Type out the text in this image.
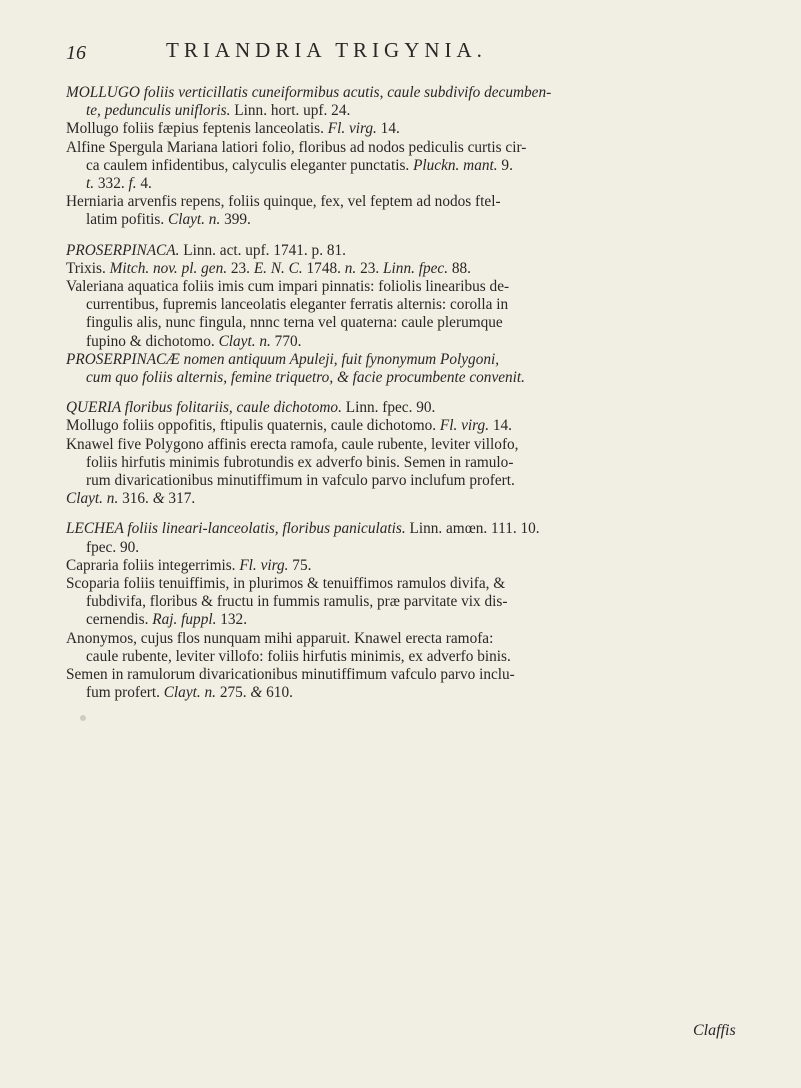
16	TRIANDRIA TRIGYNIA.
MOLLUGO foliis verticillatis cuneiformibus acutis, caule subdivifo decumben-
te, pedunculis unifloris. Linn. hort. upf. 24.
Mollugo foliis fæpius feptenis lanceolatis. Fl. virg. 14.
Alfine Spergula Mariana latiori folio, floribus ad nodos pediculis curtis cir-
ca caulem infidentibus, calyculis eleganter punctatis. Pluckn. mant. 9.
t. 332. f. 4.
Herniaria arvenfis repens, foliis quinque, fex, vel feptem ad nodos ftel-
latim pofitis. Clayt. n. 399.
PROSERPINACA. Linn. act. upf. 1741. p. 81.
Trixis. Mitch. nov. pl. gen. 23. E. N. C. 1748. n. 23. Linn. fpec. 88.
Valeriana aquatica foliis imis cum impari pinnatis: foliolis linearibus de-
currentibus, fupremis lanceolatis eleganter ferratis alternis: corolla in
fingulis alis, nunc fingula, nnnc terna vel quaterna: caule plerumque
fupino & dichotomo. Clayt. n. 770.
PROSERPINACÆ nomen antiquum Apuleji, fuit fynonymum Polygoni,
cum quo foliis alternis, femine triquetro, & facie procumbente convenit.
QUERIA floribus folitariis, caule dichotomo. Linn. fpec. 90.
Mollugo foliis oppofitis, ftipulis quaternis, caule dichotomo. Fl. virg. 14.
Knawel five Polygono affinis erecta ramofa, caule rubente, leviter villofo,
foliis hirfutis minimis fubrotundis ex adverfo binis. Semen in ramulo-
rum divaricationibus minutiffimum in vafculo parvo inclufum profert.
Clayt. n. 316. & 317.
LECHEA foliis lineari-lanceolatis, floribus paniculatis. Linn. amœn. 111. 10.
fpec. 90.
Capraria foliis integerrimis. Fl. virg. 75.
Scoparia foliis tenuiffimis, in plurimos & tenuiffimos ramulos divifa, &
fubdivifa, floribus & fructu in fummis ramulis, præ parvitate vix dis-
cernendis. Raj. fuppl. 132.
Anonymos, cujus flos nunquam mihi apparuit. Knawel erecta ramofa:
caule rubente, leviter villofo: foliis hirfutis minimis, ex adverfo binis.
Semen in ramulorum divaricationibus minutiffimum vafculo parvo inclu-
fum profert. Clayt. n. 275. & 610.
Claffis
